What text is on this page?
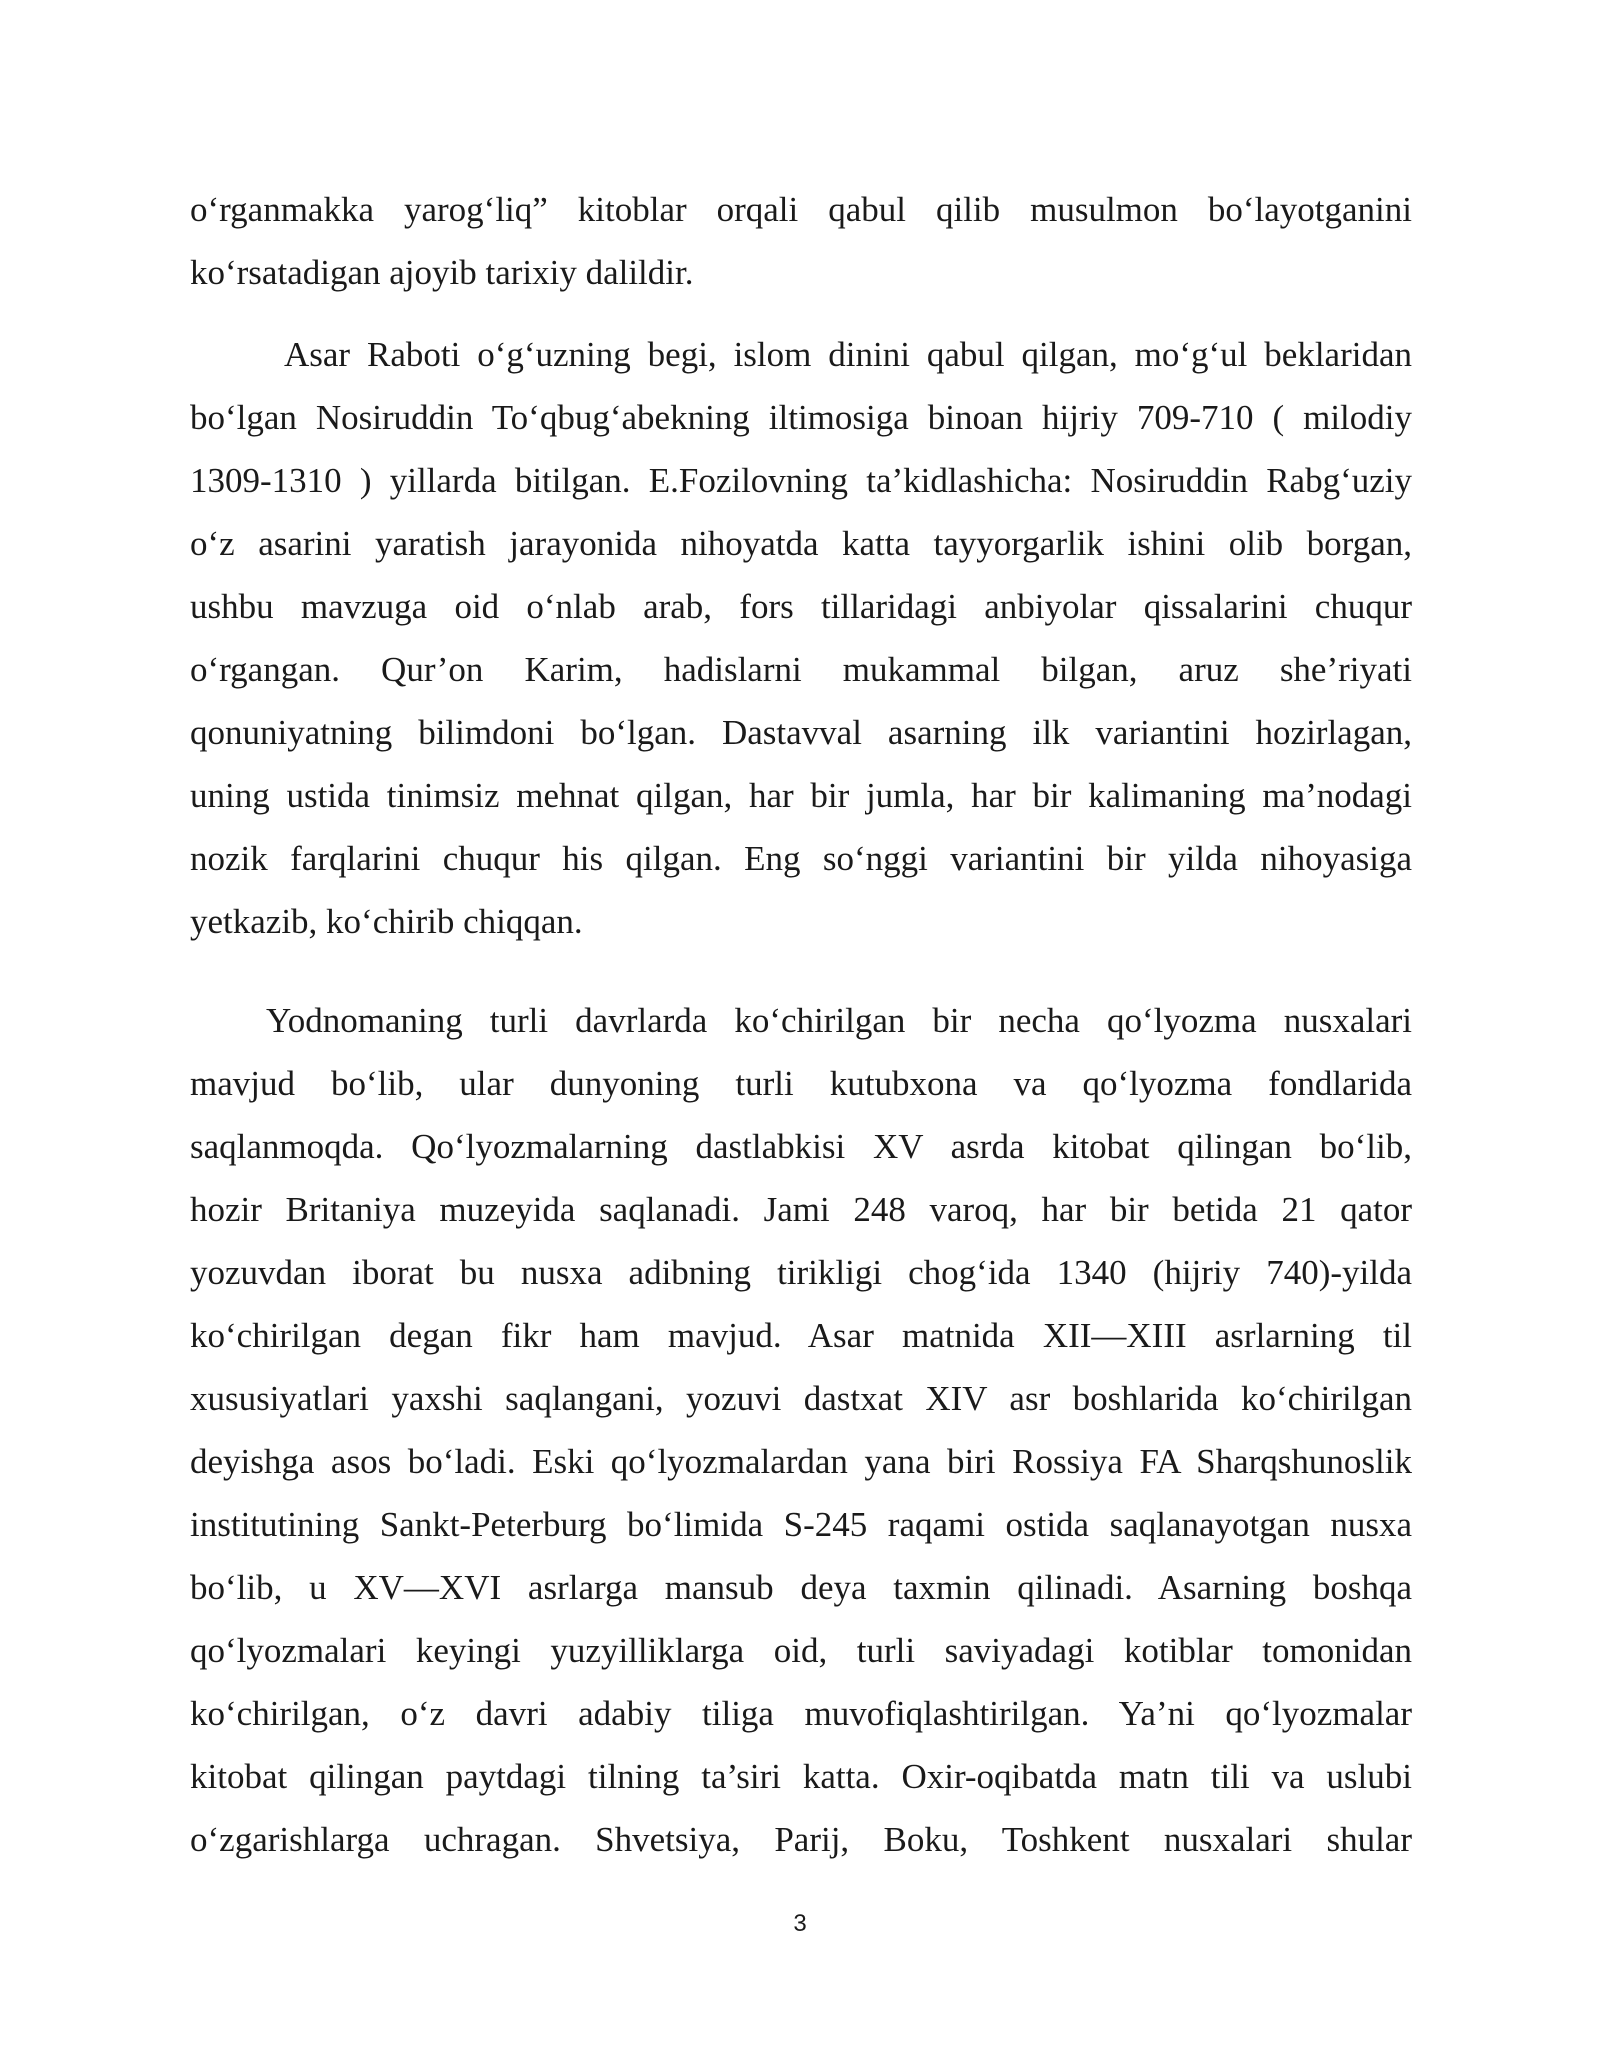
o‘rganmakka yarog‘liq” kitoblar orqali qabul qilib musulmon bo‘layotganini
ko‘rsatadigan ajoyib tarixiy dalildir.
Asar Raboti o‘g‘uzning begi, islom dinini qabul qilgan, mo‘g‘ul beklaridan
bo‘lgan Nosiruddin To‘qbug‘abekning iltimosiga binoan hijriy 709-710 ( milodiy
1309-1310 ) yillarda bitilgan. E.Fozilovning ta’kidlashicha: Nosiruddin Rabg‘uziy
o‘z asarini yaratish jarayonida nihoyatda katta tayyorgarlik ishini olib borgan,
ushbu mavzuga oid o‘nlab arab, fors tillaridagi anbiyolar qissalarini chuqur
o‘rgangan. Qur’on Karim, hadislarni mukammal bilgan, aruz she’riyati
qonuniyatning bilimdoni bo‘lgan. Dastavval asarning ilk variantini hozirlagan,
uning ustida tinimsiz mehnat qilgan, har bir jumla, har bir kalimaning ma’nodagi
nozik farqlarini chuqur his qilgan. Eng so‘nggi variantini bir yilda nihoyasiga
yetkazib, ko‘chirib chiqqan.
Yodnomaning turli davrlarda ko‘chirilgan bir necha qo‘lyozma nusxalari
mavjud bo‘lib, ular dunyoning turli kutubxona va qo‘lyozma fondlarida
saqlanmoqda. Qo‘lyozmalarning dastlabkisi XV asrda kitobat qilingan bo‘lib,
hozir Britaniya muzeyida saqlanadi. Jami 248 varoq, har bir betida 21 qator
yozuvdan iborat bu nusxa adibning tirikligi chog‘ida 1340 (hijriy 740)-yilda
ko‘chirilgan degan fikr ham mavjud. Asar matnida XII—XIII asrlarning til
xususiyatlari yaxshi saqlangani, yozuvi dastxat XIV asr boshlarida ko‘chirilgan
deyishga asos bo‘ladi. Eski qo‘lyozmalardan yana biri Rossiya FA Sharqshunoslik
institutining Sankt-Peterburg bo‘limida S-245 raqami ostida saqlanayotgan nusxa
bo‘lib, u XV—XVI asrlarga mansub deya taxmin qilinadi. Asarning boshqa
qo‘lyozmalari keyingi yuzyilliklarga oid, turli saviyadagi kotiblar tomonidan
ko‘chirilgan, o‘z davri adabiy tiliga muvofiqlashtirilgan. Ya’ni qo‘lyozmalar
kitobat qilingan paytdagi tilning ta’siri katta. Oxir-oqibatda matn tili va uslubi
o‘zgarishlarga uchragan. Shvetsiya, Parij, Boku, Toshkent nusxalari shular
3
